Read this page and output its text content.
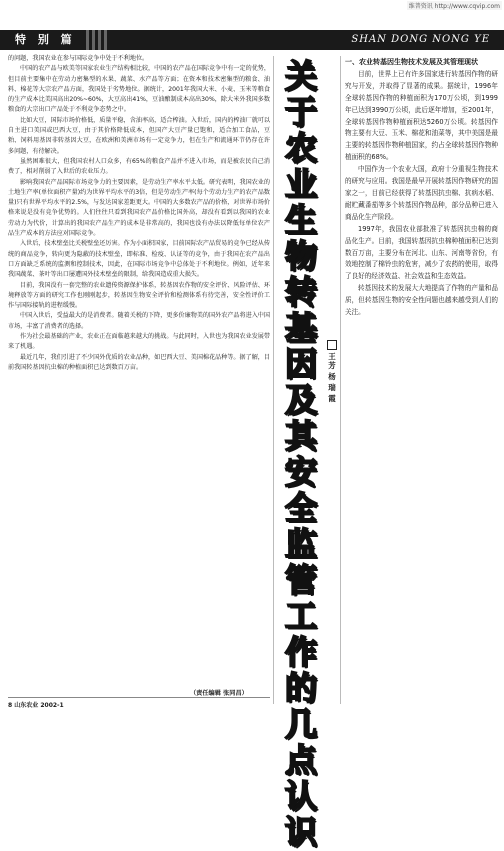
维普资讯 http://www.cqvip.com
特 别 篇	SHAN DONG NONG YE

的问题，我国农业在参与国际竞争中处于不利地位。

中国的农产品与欧美等国家农业生产结构相比较，中国的农产品在国际竞争中有一定的优势，但目前主要集中在劳动力密集型的水果、蔬菜、水产品等方面；在资本和技术密集型的粮食、油料、棉花等大宗农产品方面，我国处于劣势地位。据统计，2001年我国大米、小麦、玉米等粮食的生产成本比美国高出20%~60%，大豆高出41%，豆油酿制成本高出30%，除大米外我国多数粮食的大宗出口产品处于不利竞争态势之中。

比如大豆，国际市场价格低，质量平稳，含油率高，适合榨油。入世后，国内的榨油厂就可以自主进口美国或巴西大豆，由于其价格降低成本，但国产大豆产量已饱和，适合加工食品，豆粕、饲料用基因非转基因大豆，在欧洲和美洲市场有一定竞争力，但在生产和流通环节仍存在许多问题，有待解决。

虽然困难很大，但我国农村人口众多，有65%的粮食产品并不进入市场，而是被农民自己消费了，相对削弱了入世后的农业压力。

影响我国农产品国际市场竞争力的主要因素，是劳动生产率水平太低。研究表明，我国农业的土地生产率(单位面积产量)约为世界平均水平的3倍，但是劳动生产率(每个劳动力生产的农产品数量)只有世界平均水平的2.5%，与发达国家差距更大。中国的大多数农产品的价格，对世界市场价格来说是没有竞争优势的。人们往往只看到我国农产品价格比国外高，却没有看到以我国的农业劳动力为代价，计算出的我国农产品生产的成本是非常高的，我国也没有办法以降低每单位农产品生产成本的方法应对国际竞争。

入世后，技术壁垒比关税壁垒还厉害。作为小面积国家，目前国际农产品贸易的竞争已经从传统的商品竞争，转向更为隐蔽的技术壁垒，即标准、检疫、认证等的竞争，由于我国在农产品出口方面缺乏系统的监测和控制技术，因此，在国际市场竞争中总体处于不利地位。例如，近年来我国蔬菜、茶叶等出口屡遭国外技术壁垒的限制，给我国造成重大损失。

目前，我国没有一套完整的农业遗传资源保护体系，转基因农作物的安全评价、风险评估、环境释放等方面的研究工作也刚刚起步，转基因生物安全评价和检测体系有待完善，安全性评价工作与国际接轨的进程缓慢。

中国入世后，受益最大的是消费者。随着关税的下降，更多价廉物美的国外农产品将进入中国市场，丰富了消费者的选择。

作为社会最基础的产业，农业正在面临越来越大的挑战。与此同时，入世也为我国农业发展带来了机遇。

最近几年，我们引进了不少国外优质的农业品种，如巴西大豆、美国棉花品种等。据了解，目前我国转基因抗虫棉的种植面积已达到数百万亩。

关
于
农
业
生
物
转
基
因
及
其
安
全
监
管
工
作
的
几
点
认
识
王
芳 杨瑞霞

一、农业转基因生物技术发展及其管理现状

目前，世界上已有许多国家进行转基因作物的研究与开发，并取得了显著的成果。据统计，1996年全球转基因作物的种植面积为170万公顷，到1999年已达到3990万公顷，此后逐年增加，至2001年，全球转基因作物种植面积达5260万公顷。转基因作物主要有大豆、玉米、棉花和油菜等，其中美国是最主要的转基因作物种植国家，约占全球转基因作物种植面积的68%。

中国作为一个农业大国，政府十分重视生物技术的研究与应用。我国是最早开展转基因作物研究的国家之一，目前已经获得了转基因抗虫棉、抗病水稻、耐贮藏番茄等多个转基因作物品种，部分品种已进入商品化生产阶段。

1997年，我国农业部批准了转基因抗虫棉的商品化生产。目前，我国转基因抗虫棉种植面积已达到数百万亩，主要分布在河北、山东、河南等省份，有效地控制了棉铃虫的危害，减少了农药的使用，取得了良好的经济效益、社会效益和生态效益。

转基因技术的发展大大地提高了作物的产量和品质，但转基因生物的安全性问题也越来越受到人们的关注。

（责任编辑 张同昌）
8 山东农业 2002-1
